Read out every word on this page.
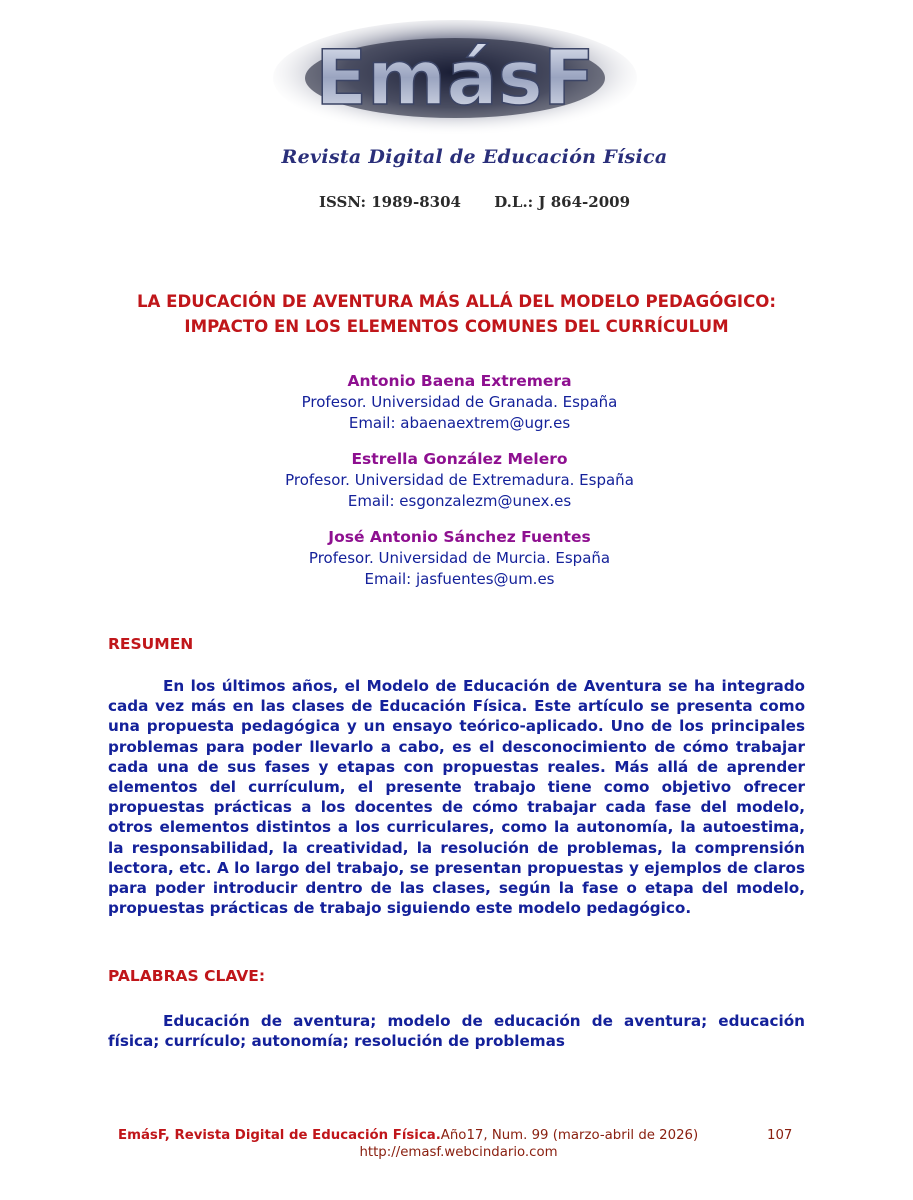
EmásF
Revista Digital de Educación Física
ISSN: 1989-8304 D.L.: J 864-2009
LA EDUCACIÓN DE AVENTURA MÁS ALLÁ DEL MODELO PEDAGÓGICO:
IMPACTO EN LOS ELEMENTOS COMUNES DEL CURRÍCULUM
Antonio Baena Extremera
Profesor. Universidad de Granada. España
Email: abaenaextrem@ugr.es
Estrella González Melero
Profesor. Universidad de Extremadura. España
Email: esgonzalezm@unex.es
José Antonio Sánchez Fuentes
Profesor. Universidad de Murcia. España
Email: jasfuentes@um.es
RESUMEN
En los últimos años, el Modelo de Educación de Aventura se ha integrado cada vez más en las clases de Educación Física. Este artículo se presenta como una propuesta pedagógica y un ensayo teórico-aplicado. Uno de los principales problemas para poder llevarlo a cabo, es el desconocimiento de cómo trabajar cada una de sus fases y etapas con propuestas reales. Más allá de aprender elementos del currículum, el presente trabajo tiene como objetivo ofrecer propuestas prácticas a los docentes de cómo trabajar cada fase del modelo, otros elementos distintos a los curriculares, como la autonomía, la autoestima, la responsabilidad, la creatividad, la resolución de problemas, la comprensión lectora, etc. A lo largo del trabajo, se presentan propuestas y ejemplos de claros para poder introducir dentro de las clases, según la fase o etapa del modelo, propuestas prácticas de trabajo siguiendo este modelo pedagógico.
PALABRAS CLAVE:
Educación de aventura; modelo de educación de aventura; educación física; currículo; autonomía; resolución de problemas
EmásF, Revista Digital de Educación Física.Año17, Num. 99 (marzo-abril de 2026)	107
http://emasf.webcindario.com
